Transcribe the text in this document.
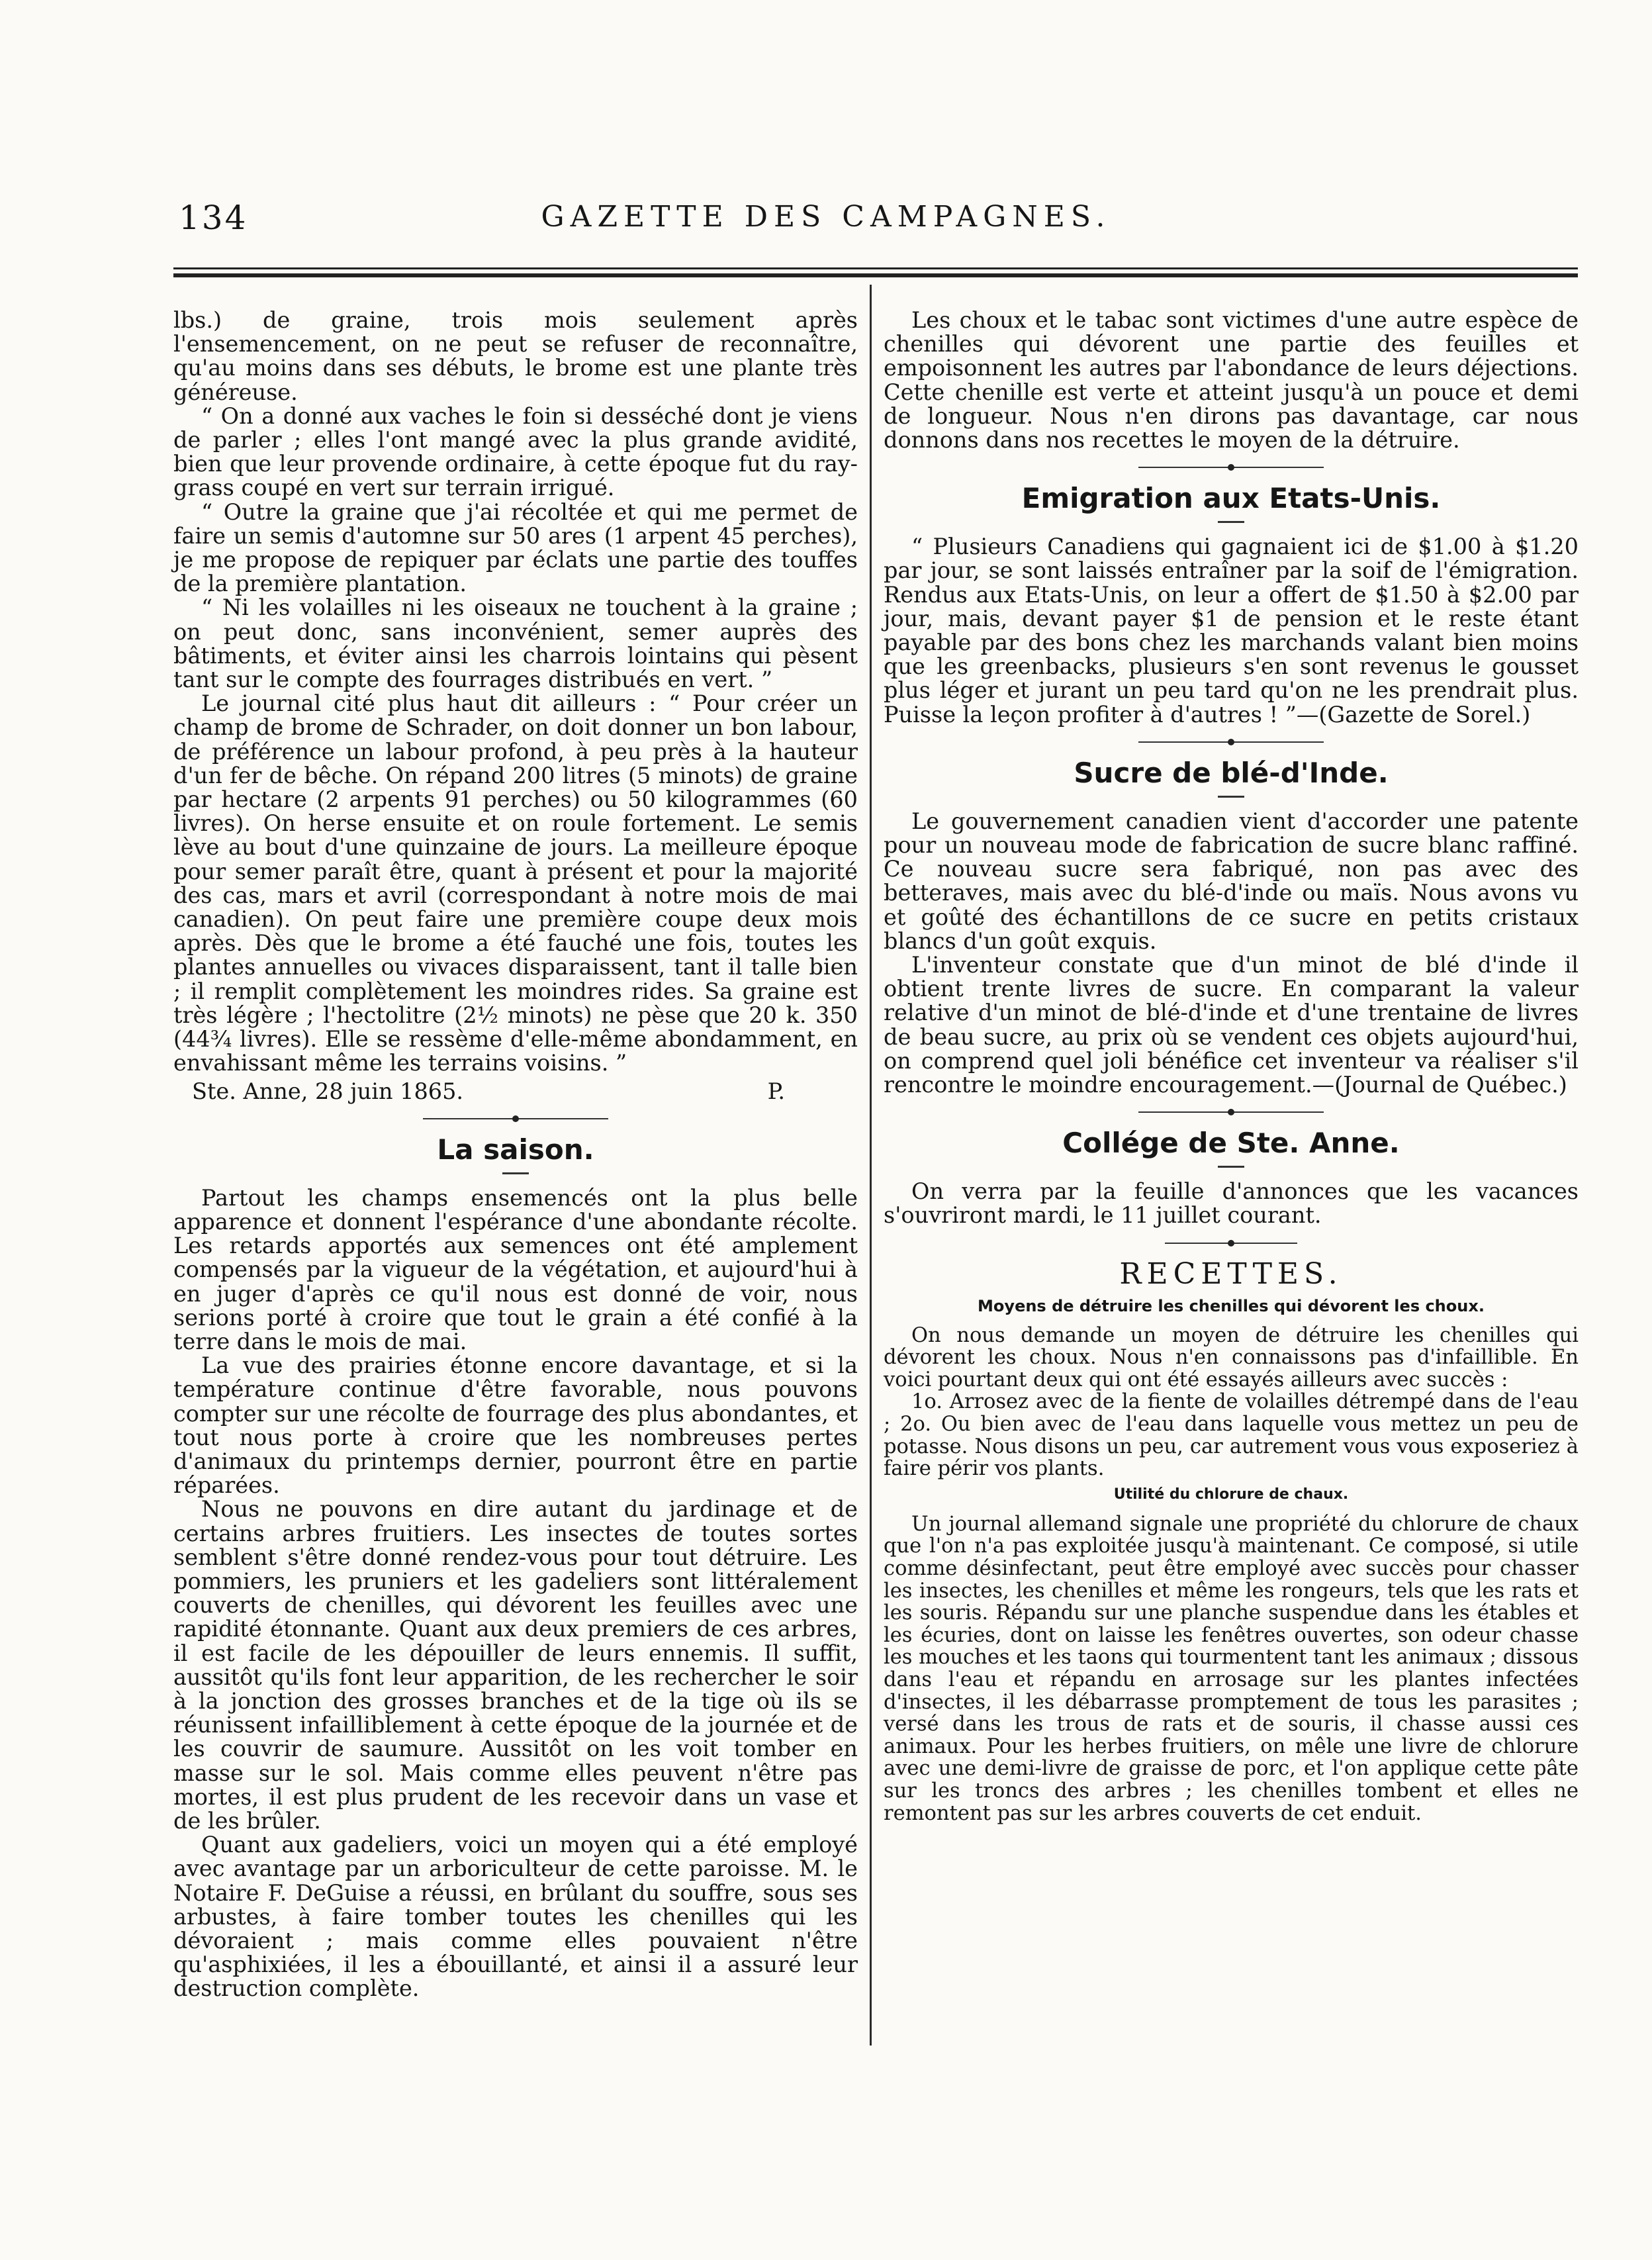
134	GAZETTE DES CAMPAGNES.

lbs.) de graine, trois mois seulement après l'ensemencement, on ne peut se refuser de reconnaître, qu'au moins dans ses débuts, le brome est une plante très généreuse.

“ On a donné aux vaches le foin si desséché dont je viens de parler ; elles l'ont mangé avec la plus grande avidité, bien que leur provende ordinaire, à cette époque fut du ray-grass coupé en vert sur terrain irrigué.

“ Outre la graine que j'ai récoltée et qui me permet de faire un semis d'automne sur 50 ares (1 arpent 45 perches), je me propose de repiquer par éclats une partie des touffes de la première plantation.

“ Ni les volailles ni les oiseaux ne touchent à la graine ; on peut donc, sans inconvénient, semer auprès des bâtiments, et éviter ainsi les charrois lointains qui pèsent tant sur le compte des fourrages distribués en vert. ”

Le journal cité plus haut dit ailleurs : “ Pour créer un champ de brome de Schrader, on doit donner un bon labour, de préférence un labour profond, à peu près à la hauteur d'un fer de bêche. On répand 200 litres (5 minots) de graine par hectare (2 arpents 91 perches) ou 50 kilogrammes (60 livres). On herse ensuite et on roule fortement. Le semis lève au bout d'une quinzaine de jours. La meilleure époque pour semer paraît être, quant à présent et pour la majorité des cas, mars et avril (correspondant à notre mois de mai canadien). On peut faire une première coupe deux mois après. Dès que le brome a été fauché une fois, toutes les plantes annuelles ou vivaces disparaissent, tant il talle bien ; il remplit complètement les moindres rides. Sa graine est très légère ; l'hectolitre (2½ minots) ne pèse que 20 k. 350 (44¾ livres). Elle se ressème d'elle-même abondamment, en envahissant même les terrains voisins. ”

Ste. Anne, 28 juin 1865.	P.
La saison.

Partout les champs ensemencés ont la plus belle apparence et donnent l'espérance d'une abondante récolte. Les retards apportés aux semences ont été amplement compensés par la vigueur de la végétation, et aujourd'hui à en juger d'après ce qu'il nous est donné de voir, nous serions porté à croire que tout le grain a été confié à la terre dans le mois de mai.

La vue des prairies étonne encore davantage, et si la température continue d'être favorable, nous pouvons compter sur une récolte de fourrage des plus abondantes, et tout nous porte à croire que les nombreuses pertes d'animaux du printemps dernier, pourront être en partie réparées.

Nous ne pouvons en dire autant du jardinage et de certains arbres fruitiers. Les insectes de toutes sortes semblent s'être donné rendez-vous pour tout détruire. Les pommiers, les pruniers et les gadeliers sont littéralement couverts de chenilles, qui dévorent les feuilles avec une rapidité étonnante. Quant aux deux premiers de ces arbres, il est facile de les dépouiller de leurs ennemis. Il suffit, aussitôt qu'ils font leur apparition, de les rechercher le soir à la jonction des grosses branches et de la tige où ils se réunissent infailliblement à cette époque de la journée et de les couvrir de saumure. Aussitôt on les voit tomber en masse sur le sol. Mais comme elles peuvent n'être pas mortes, il est plus prudent de les recevoir dans un vase et de les brûler.

Quant aux gadeliers, voici un moyen qui a été employé avec avantage par un arboriculteur de cette paroisse. M. le Notaire F. DeGuise a réussi, en brûlant du souffre, sous ses arbustes, à faire tomber toutes les chenilles qui les dévoraient ; mais comme elles pouvaient n'être qu'asphixiées, il les a ébouillanté, et ainsi il a assuré leur destruction complète.

Les choux et le tabac sont victimes d'une autre espèce de chenilles qui dévorent une partie des feuilles et empoisonnent les autres par l'abondance de leurs déjections. Cette chenille est verte et atteint jusqu'à un pouce et demi de longueur. Nous n'en dirons pas davantage, car nous donnons dans nos recettes le moyen de la détruire.

Emigration aux Etats-Unis.

“ Plusieurs Canadiens qui gagnaient ici de $1.00 à $1.20 par jour, se sont laissés entraîner par la soif de l'émigration. Rendus aux Etats-Unis, on leur a offert de $1.50 à $2.00 par jour, mais, devant payer $1 de pension et le reste étant payable par des bons chez les marchands valant bien moins que les greenbacks, plusieurs s'en sont revenus le gousset plus léger et jurant un peu tard qu'on ne les prendrait plus. Puisse la leçon profiter à d'autres ! ”—(Gazette de Sorel.)

Sucre de blé-d'Inde.

Le gouvernement canadien vient d'accorder une patente pour un nouveau mode de fabrication de sucre blanc raffiné. Ce nouveau sucre sera fabriqué, non pas avec des betteraves, mais avec du blé-d'inde ou maïs. Nous avons vu et goûté des échantillons de ce sucre en petits cristaux blancs d'un goût exquis.

L'inventeur constate que d'un minot de blé d'inde il obtient trente livres de sucre. En comparant la valeur relative d'un minot de blé-d'inde et d'une trentaine de livres de beau sucre, au prix où se vendent ces objets aujourd'hui, on comprend quel joli bénéfice cet inventeur va réaliser s'il rencontre le moindre encouragement.—(Journal de Québec.)

Collége de Ste. Anne.

On verra par la feuille d'annonces que les vacances s'ouvriront mardi, le 11 juillet courant.

RECETTES.
Moyens de détruire les chenilles qui dévorent les choux.

On nous demande un moyen de détruire les chenilles qui dévorent les choux. Nous n'en connaissons pas d'infaillible. En voici pourtant deux qui ont été essayés ailleurs avec succès :

1o. Arrosez avec de la fiente de volailles détrempé dans de l'eau ; 2o. Ou bien avec de l'eau dans laquelle vous mettez un peu de potasse. Nous disons un peu, car autrement vous vous exposeriez à faire périr vos plants.

Utilité du chlorure de chaux.

Un journal allemand signale une propriété du chlorure de chaux que l'on n'a pas exploitée jusqu'à maintenant. Ce composé, si utile comme désinfectant, peut être employé avec succès pour chasser les insectes, les chenilles et même les rongeurs, tels que les rats et les souris. Répandu sur une planche suspendue dans les étables et les écuries, dont on laisse les fenêtres ouvertes, son odeur chasse les mouches et les taons qui tourmentent tant les animaux ; dissous dans l'eau et répandu en arrosage sur les plantes infectées d'insectes, il les débarrasse promptement de tous les parasites ; versé dans les trous de rats et de souris, il chasse aussi ces animaux. Pour les herbes fruitiers, on mêle une livre de chlorure avec une demi-livre de graisse de porc, et l'on applique cette pâte sur les troncs des arbres ; les chenilles tombent et elles ne remontent pas sur les arbres couverts de cet enduit.
